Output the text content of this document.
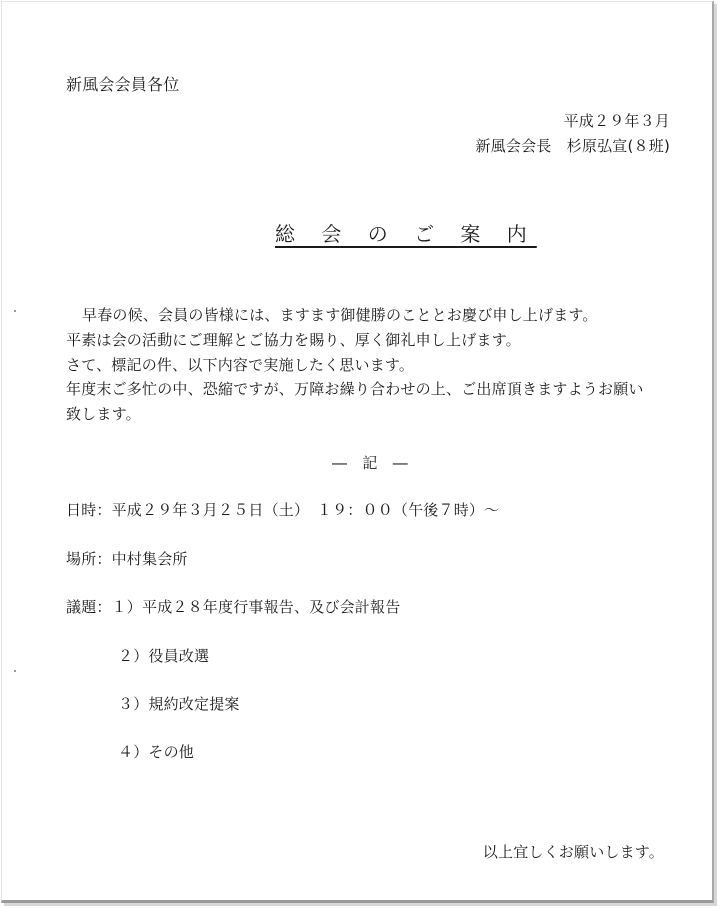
新風会会員各位
平成２９年３月
新風会会長　杉原弘宣(８班)
総 会 の ご 案 内
早春の候、会員の皆様には、ますます御健勝のこととお慶び申し上げます。
平素は会の活動にご理解とご協力を賜り、厚く御礼申し上げます。
さて、標記の件、以下内容で実施したく思います。
年度末ご多忙の中、恐縮ですが、万障お繰り合わせの上、ご出席頂きますようお願い
致します。
―　記　―
日時：平成２９年３月２５日（土）　１９：００（午後７時）～
場所：中村集会所
議題：１）平成２８年度行事報告、及び会計報告
２）役員改選
３）規約改定提案
４）その他
以上宜しくお願いします。
